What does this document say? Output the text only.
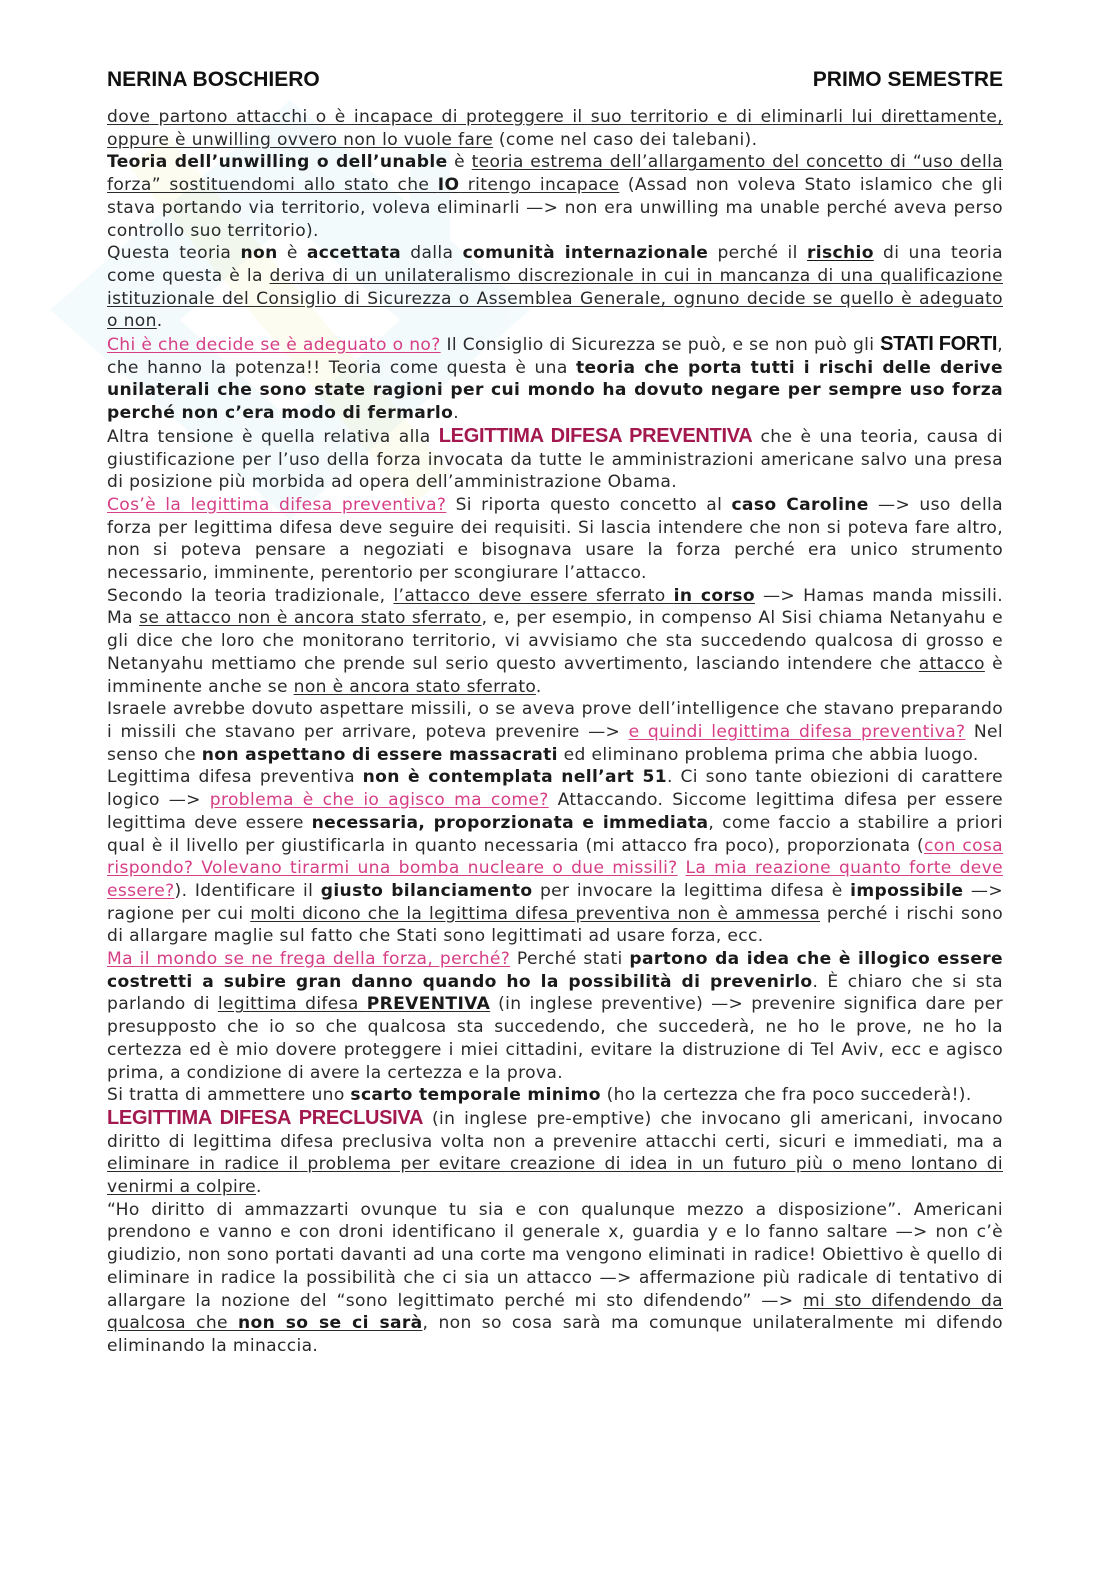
NERINA BOSCHIERO	PRIMO SEMESTRE

dove partono attacchi o è incapace di proteggere il suo territorio e di eliminarli lui direttamente, oppure è unwilling ovvero non lo vuole fare (come nel caso dei talebani).

Teoria dell’unwilling o dell’unable è teoria estrema dell’allargamento del concetto di “uso della forza” sostituendomi allo stato che IO ritengo incapace (Assad non voleva Stato islamico che gli stava portando via territorio, voleva eliminarli —> non era unwilling ma unable perché aveva perso controllo suo territorio).

Questa teoria non è accettata dalla comunità internazionale perché il rischio di una teoria come questa è la deriva di un unilateralismo discrezionale in cui in mancanza di una qualificazione istituzionale del Consiglio di Sicurezza o Assemblea Generale, ognuno decide se quello è adeguato o non.

Chi è che decide se è adeguato o no? Il Consiglio di Sicurezza se può, e se non può gli STATI FORTI, che hanno la potenza!! Teoria come questa è una teoria che porta tutti i rischi delle derive unilaterali che sono state ragioni per cui mondo ha dovuto negare per sempre uso forza perché non c’era modo di fermarlo.

Altra tensione è quella relativa alla LEGITTIMA DIFESA PREVENTIVA che è una teoria, causa di giustificazione per l’uso della forza invocata da tutte le amministrazioni americane salvo una presa di posizione più morbida ad opera dell’amministrazione Obama.

Cos’è la legittima difesa preventiva? Si riporta questo concetto al caso Caroline —> uso della forza per legittima difesa deve seguire dei requisiti. Si lascia intendere che non si poteva fare altro, non si poteva pensare a negoziati e bisognava usare la forza perché era unico strumento necessario, imminente, perentorio per scongiurare l’attacco.

Secondo la teoria tradizionale, l’attacco deve essere sferrato in corso —> Hamas manda missili. Ma se attacco non è ancora stato sferrato, e, per esempio, in compenso Al Sisi chiama Netanyahu e gli dice che loro che monitorano territorio, vi avvisiamo che sta succedendo qualcosa di grosso e Netanyahu mettiamo che prende sul serio questo avvertimento, lasciando intendere che attacco è imminente anche se non è ancora stato sferrato.

Israele avrebbe dovuto aspettare missili, o se aveva prove dell’intelligence che stavano preparando i missili che stavano per arrivare, poteva prevenire —> e quindi legittima difesa preventiva? Nel senso che non aspettano di essere massacrati ed eliminano problema prima che abbia luogo.

Legittima difesa preventiva non è contemplata nell’art 51. Ci sono tante obiezioni di carattere logico —> problema è che io agisco ma come? Attaccando. Siccome legittima difesa per essere legittima deve essere necessaria, proporzionata e immediata, come faccio a stabilire a priori qual è il livello per giustificarla in quanto necessaria (mi attacco fra poco), proporzionata (con cosa rispondo? Volevano tirarmi una bomba nucleare o due missili? La mia reazione quanto forte deve essere?). Identificare il giusto bilanciamento per invocare la legittima difesa è impossibile —> ragione per cui molti dicono che la legittima difesa preventiva non è ammessa perché i rischi sono di allargare maglie sul fatto che Stati sono legittimati ad usare forza, ecc.

Ma il mondo se ne frega della forza, perché? Perché stati partono da idea che è illogico essere costretti a subire gran danno quando ho la possibilità di prevenirlo. È chiaro che si sta parlando di legittima difesa PREVENTIVA (in inglese preventive) —> prevenire significa dare per presupposto che io so che qualcosa sta succedendo, che succederà, ne ho le prove, ne ho la certezza ed è mio dovere proteggere i miei cittadini, evitare la distruzione di Tel Aviv, ecc e agisco prima, a condizione di avere la certezza e la prova.

Si tratta di ammettere uno scarto temporale minimo (ho la certezza che fra poco succederà!).

LEGITTIMA DIFESA PRECLUSIVA (in inglese pre-emptive) che invocano gli americani, invocano diritto di legittima difesa preclusiva volta non a prevenire attacchi certi, sicuri e immediati, ma a eliminare in radice il problema per evitare creazione di idea in un futuro più o meno lontano di venirmi a colpire.

“Ho diritto di ammazzarti ovunque tu sia e con qualunque mezzo a disposizione”. Americani prendono e vanno e con droni identificano il generale x, guardia y e lo fanno saltare —> non c’è giudizio, non sono portati davanti ad una corte ma vengono eliminati in radice! Obiettivo è quello di eliminare in radice la possibilità che ci sia un attacco —> affermazione più radicale di tentativo di allargare la nozione del “sono legittimato perché mi sto difendendo” —> mi sto difendendo da qualcosa che non so se ci sarà, non so cosa sarà ma comunque unilateralmente mi difendo eliminando la minaccia.
